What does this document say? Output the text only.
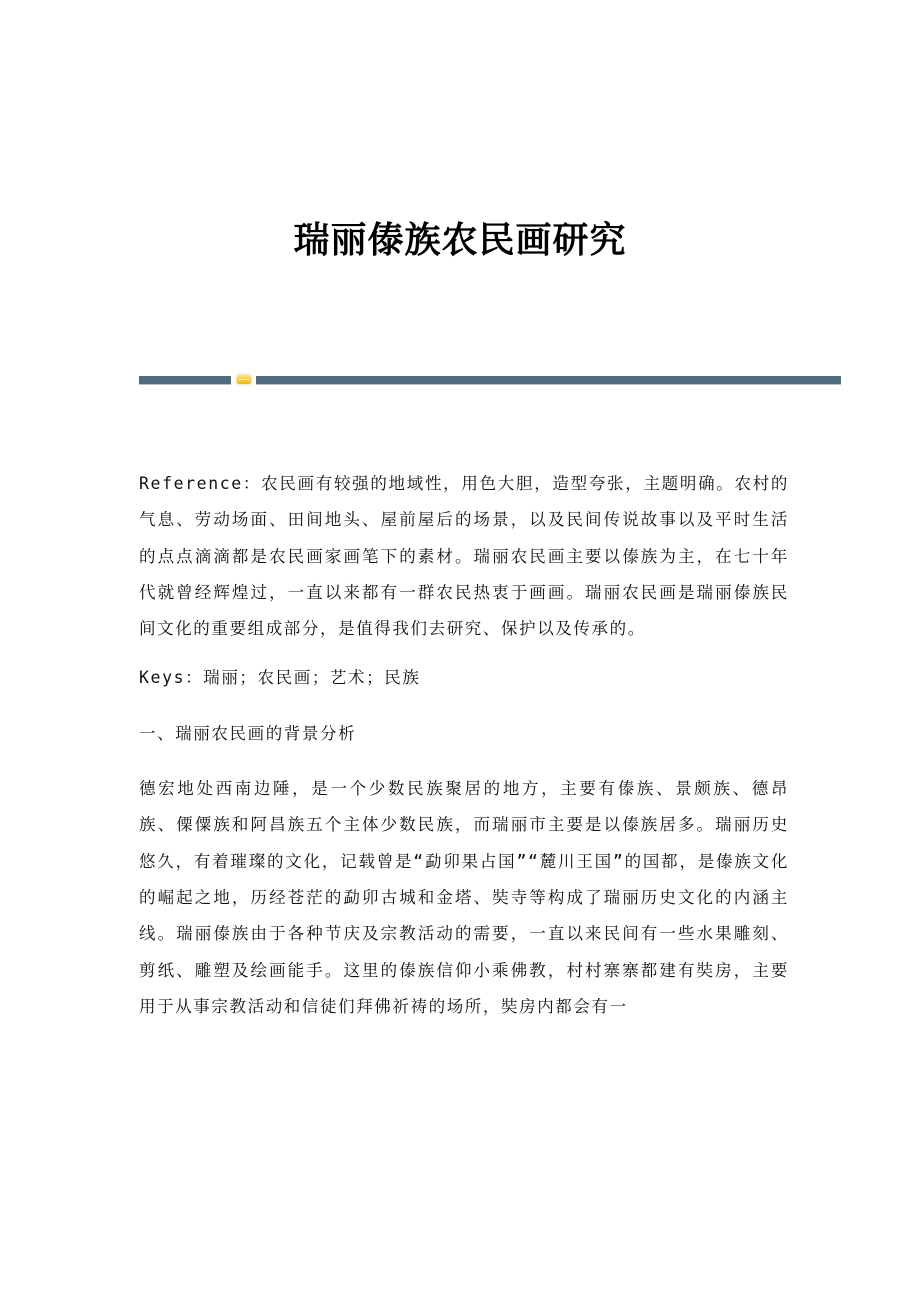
瑞丽傣族农民画研究

Reference：农民画有较强的地域性，用色大胆，造型夸张，主题明确。农村的气息、劳动场面、田间地头、屋前屋后的场景，以及民间传说故事以及平时生活的点点滴滴都是农民画家画笔下的素材。瑞丽农民画主要以傣族为主，在七十年代就曾经辉煌过，一直以来都有一群农民热衷于画画。瑞丽农民画是瑞丽傣族民间文化的重要组成部分，是值得我们去研究、保护以及传承的。

Keys：瑞丽；农民画；艺术；民族

一、瑞丽农民画的背景分析

德宏地处西南边陲，是一个少数民族聚居的地方，主要有傣族、景颇族、德昂族、傈僳族和阿昌族五个主体少数民族，而瑞丽市主要是以傣族居多。瑞丽历史悠久，有着璀璨的文化，记载曾是“勐卯果占国”“麓川王国”的国都，是傣族文化的崛起之地，历经苍茫的勐卯古城和金塔、奘寺等构成了瑞丽历史文化的内涵主线。瑞丽傣族由于各种节庆及宗教活动的需要，一直以来民间有一些水果雕刻、剪纸、雕塑及绘画能手。这里的傣族信仰小乘佛教，村村寨寨都建有奘房，主要用于从事宗教活动和信徒们拜佛祈祷的场所，奘房内都会有一
